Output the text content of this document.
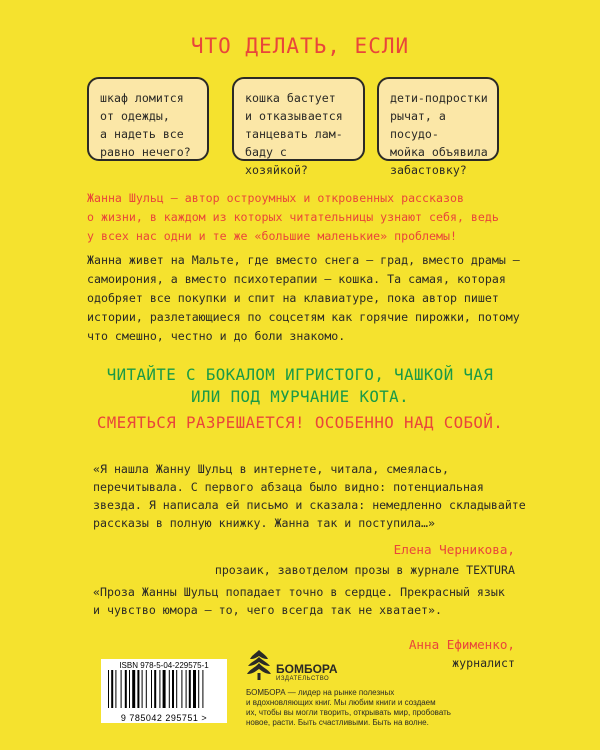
ЧТО ДЕЛАТЬ, ЕСЛИ
шкаф ломится
от одежды,
а надеть все
равно нечего?
кошка бастует
и отказывается
танцевать лам-
баду с хозяйкой?
дети-подростки
рычат, а посудо-
мойка объявила
забастовку?
Жанна Шульц – автор остроумных и откровенных рассказов
о жизни, в каждом из которых читательницы узнают себя, ведь
у всех нас одни и те же «большие маленькие» проблемы!
Жанна живет на Мальте, где вместо снега – град, вместо драмы –
самоирония, а вместо психотерапии – кошка. Та самая, которая
одобряет все покупки и спит на клавиатуре, пока автор пишет
истории, разлетающиеся по соцсетям как горячие пирожки, потому
что смешно, честно и до боли знакомо.
ЧИТАЙТЕ С БОКАЛОМ ИГРИСТОГО, ЧАШКОЙ ЧАЯ
ИЛИ ПОД МУРЧАНИЕ КОТА.
СМЕЯТЬСЯ РАЗРЕШАЕТСЯ! ОСОБЕННО НАД СОБОЙ.
«Я нашла Жанну Шульц в интернете, читала, смеялась,
перечитывала. С первого абзаца было видно: потенциальная
звезда. Я написала ей письмо и сказала: немедленно складывайте
рассказы в полную книжку. Жанна так и поступила…»
Елена Черникова,
прозаик, завотделом прозы в журнале TEXTURA
«Проза Жанны Шульц попадает точно в сердце. Прекрасный язык
и чувство юмора – то, чего всегда так не хватает».
Анна Ефименко,
журналист
ISBN 978-5-04-229575-1
9 785042 295751 >
БОМБОРА
ИЗДАТЕЛЬСТВО
БОМБОРА — лидер на рынке полезных
и вдохновляющих книг. Мы любим книги и создаем
их, чтобы вы могли творить, открывать мир, пробовать
новое, расти. Быть счастливыми. Быть на волне.
